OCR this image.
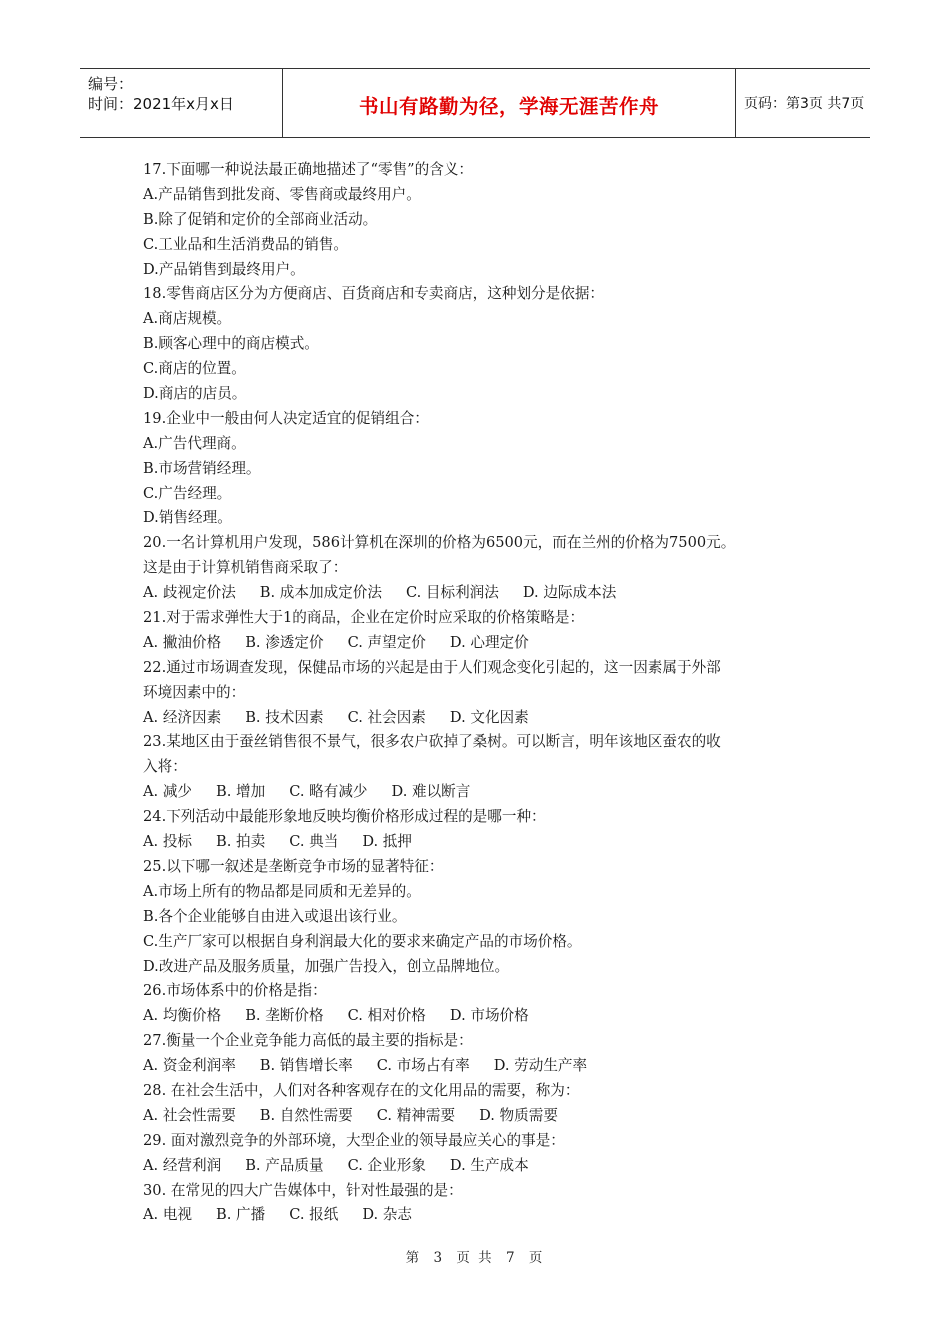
编号：
时间：2021年x月x日	书山有路勤为径，学海无涯苦作舟	页码：第3页 共7页
17.下面哪一种说法最正确地描述了“零售”的含义：
A.产品销售到批发商、零售商或最终用户。
B.除了促销和定价的全部商业活动。
C.工业品和生活消费品的销售。
D.产品销售到最终用户。
18.零售商店区分为方便商店、百货商店和专卖商店，这种划分是依据：
A.商店规模。
B.顾客心理中的商店模式。
C.商店的位置。
D.商店的店员。
19.企业中一般由何人决定适宜的促销组合：
A.广告代理商。
B.市场营销经理。
C.广告经理。
D.销售经理。
20.一名计算机用户发现，586计算机在深圳的价格为6500元，而在兰州的价格为7500元。
这是由于计算机销售商采取了：
A. 歧视定价法 B. 成本加成定价法 C. 目标利润法 D. 边际成本法
21.对于需求弹性大于1的商品，企业在定价时应采取的价格策略是：
A. 撇油价格 B. 渗透定价 C. 声望定价 D. 心理定价
22.通过市场调查发现，保健品市场的兴起是由于人们观念变化引起的，这一因素属于外部
环境因素中的：
A. 经济因素 B. 技术因素 C. 社会因素 D. 文化因素
23.某地区由于蚕丝销售很不景气，很多农户砍掉了桑树。可以断言，明年该地区蚕农的收
入将：
A. 减少 B. 增加 C. 略有减少 D. 难以断言
24.下列活动中最能形象地反映均衡价格形成过程的是哪一种：
A. 投标 B. 拍卖 C. 典当 D. 抵押
25.以下哪一叙述是垄断竞争市场的显著特征：
A.市场上所有的物品都是同质和无差异的。
B.各个企业能够自由进入或退出该行业。
C.生产厂家可以根据自身利润最大化的要求来确定产品的市场价格。
D.改进产品及服务质量，加强广告投入，创立品牌地位。
26.市场体系中的价格是指：
A. 均衡价格 B. 垄断价格 C. 相对价格 D. 市场价格
27.衡量一个企业竞争能力高低的最主要的指标是：
A. 资金利润率 B. 销售增长率 C. 市场占有率 D. 劳动生产率
28. 在社会生活中，人们对各种客观存在的文化用品的需要，称为：
A. 社会性需要 B. 自然性需要 C. 精神需要 D. 物质需要
29. 面对激烈竞争的外部环境，大型企业的领导最应关心的事是：
A. 经营利润 B. 产品质量 C. 企业形象 D. 生产成本
30. 在常见的四大广告媒体中，针对性最强的是：
A. 电视 B. 广播 C. 报纸 D. 杂志
第 3 页 共 7 页
